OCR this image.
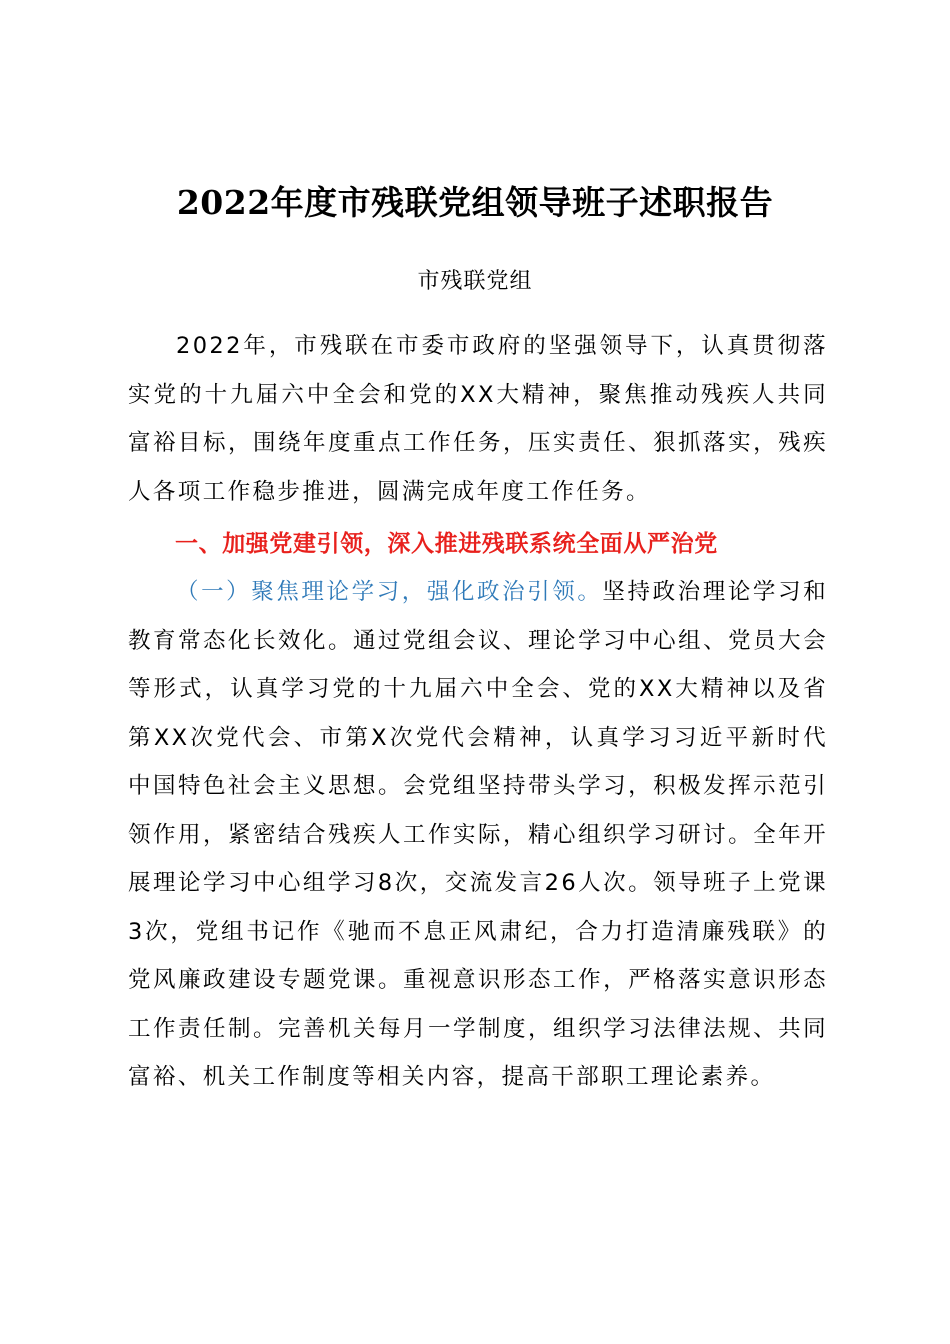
2022年度市残联党组领导班子述职报告
市残联党组

2022年，市残联在市委市政府的坚强领导下，认真贯彻落实党的十九届六中全会和党的XX大精神，聚焦推动残疾人共同富裕目标，围绕年度重点工作任务，压实责任、狠抓落实，残疾人各项工作稳步推进，圆满完成年度工作任务。

一、加强党建引领，深入推进残联系统全面从严治党

（一）聚焦理论学习，强化政治引领。坚持政治理论学习和教育常态化长效化。通过党组会议、理论学习中心组、党员大会等形式，认真学习党的十九届六中全会、党的XX大精神以及省第XX次党代会、市第X次党代会精神，认真学习习近平新时代中国特色社会主义思想。会党组坚持带头学习，积极发挥示范引领作用，紧密结合残疾人工作实际，精心组织学习研讨。全年开展理论学习中心组学习8次，交流发言26人次。领导班子上党课3次，党组书记作《驰而不息正风肃纪，合力打造清廉残联》的党风廉政建设专题党课。重视意识形态工作，严格落实意识形态工作责任制。完善机关每月一学制度，组织学习法律法规、共同富裕、机关工作制度等相关内容，提高干部职工理论素养。
